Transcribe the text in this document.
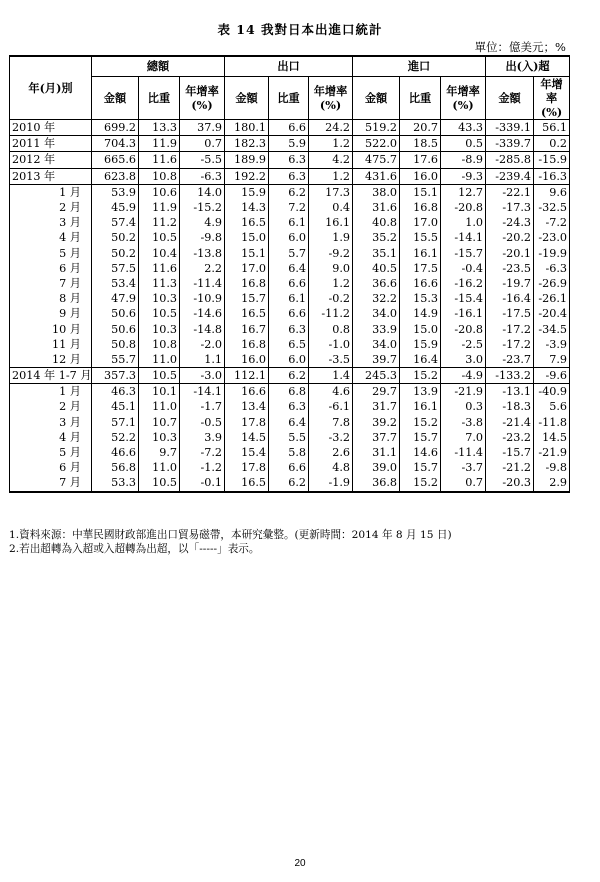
表 14 我對日本出進口統計
單位：億美元；%
年(月)別	總額			出口			進口			出(入)超	
	金額	比重	年增率(%)	金額	比重	年增率(%)	金額	比重	年增率(%)	金額	年增率(%)
2010 年	699.2	13.3	37.9	180.1	6.6	24.2	519.2	20.7	43.3	-339.1	56.1
2011 年	704.3	11.9	0.7	182.3	5.9	1.2	522.0	18.5	0.5	-339.7	0.2
2012 年	665.6	11.6	-5.5	189.9	6.3	4.2	475.7	17.6	-8.9	-285.8	-15.9
2013 年	623.8	10.8	-6.3	192.2	6.3	1.2	431.6	16.0	-9.3	-239.4	-16.3
1 月	53.9	10.6	14.0	15.9	6.2	17.3	38.0	15.1	12.7	-22.1	9.6
2 月	45.9	11.9	-15.2	14.3	7.2	0.4	31.6	16.8	-20.8	-17.3	-32.5
3 月	57.4	11.2	4.9	16.5	6.1	16.1	40.8	17.0	1.0	-24.3	-7.2
4 月	50.2	10.5	-9.8	15.0	6.0	1.9	35.2	15.5	-14.1	-20.2	-23.0
5 月	50.2	10.4	-13.8	15.1	5.7	-9.2	35.1	16.1	-15.7	-20.1	-19.9
6 月	57.5	11.6	2.2	17.0	6.4	9.0	40.5	17.5	-0.4	-23.5	-6.3
7 月	53.4	11.3	-11.4	16.8	6.6	1.2	36.6	16.6	-16.2	-19.7	-26.9
8 月	47.9	10.3	-10.9	15.7	6.1	-0.2	32.2	15.3	-15.4	-16.4	-26.1
9 月	50.6	10.5	-14.6	16.5	6.6	-11.2	34.0	14.9	-16.1	-17.5	-20.4
10 月	50.6	10.3	-14.8	16.7	6.3	0.8	33.9	15.0	-20.8	-17.2	-34.5
11 月	50.8	10.8	-2.0	16.8	6.5	-1.0	34.0	15.9	-2.5	-17.2	-3.9
12 月	55.7	11.0	1.1	16.0	6.0	-3.5	39.7	16.4	3.0	-23.7	7.9
2014 年 1-7 月	357.3	10.5	-3.0	112.1	6.2	1.4	245.3	15.2	-4.9	-133.2	-9.6
1 月	46.3	10.1	-14.1	16.6	6.8	4.6	29.7	13.9	-21.9	-13.1	-40.9
2 月	45.1	11.0	-1.7	13.4	6.3	-6.1	31.7	16.1	0.3	-18.3	5.6
3 月	57.1	10.7	-0.5	17.8	6.4	7.8	39.2	15.2	-3.8	-21.4	-11.8
4 月	52.2	10.3	3.9	14.5	5.5	-3.2	37.7	15.7	7.0	-23.2	14.5
5 月	46.6	9.7	-7.2	15.4	5.8	2.6	31.1	14.6	-11.4	-15.7	-21.9
6 月	56.8	11.0	-1.2	17.8	6.6	4.8	39.0	15.7	-3.7	-21.2	-9.8
7 月	53.3	10.5	-0.1	16.5	6.2	-1.9	36.8	15.2	0.7	-20.3	2.9
1.資料來源：中華民國財政部進出口貿易磁帶，本研究彙整。(更新時間：2014 年 8 月 15 日)
2.若出超轉為入超或入超轉為出超，以「-----」表示。
20
